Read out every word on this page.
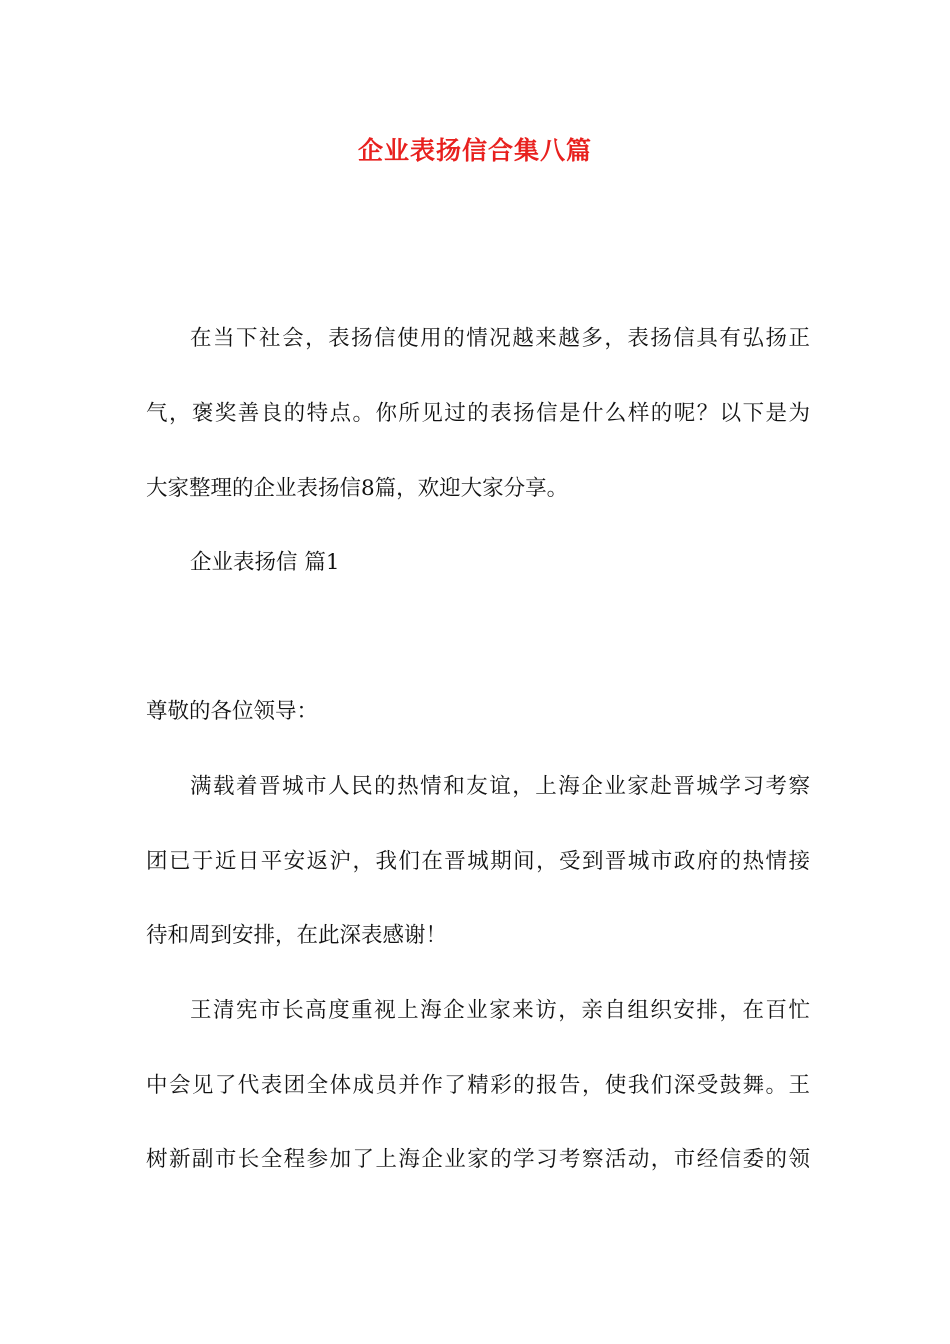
企业表扬信合集八篇
在当下社会，表扬信使用的情况越来越多，表扬信具有弘扬正
气，褒奖善良的特点。你所见过的表扬信是什么样的呢？以下是为
大家整理的企业表扬信8篇，欢迎大家分享。
企业表扬信 篇1
尊敬的各位领导：
满载着晋城市人民的热情和友谊，上海企业家赴晋城学习考察
团已于近日平安返沪，我们在晋城期间，受到晋城市政府的热情接
待和周到安排，在此深表感谢！
王清宪市长高度重视上海企业家来访，亲自组织安排，在百忙
中会见了代表团全体成员并作了精彩的报告，使我们深受鼓舞。王
树新副市长全程参加了上海企业家的学习考察活动，市经信委的领
